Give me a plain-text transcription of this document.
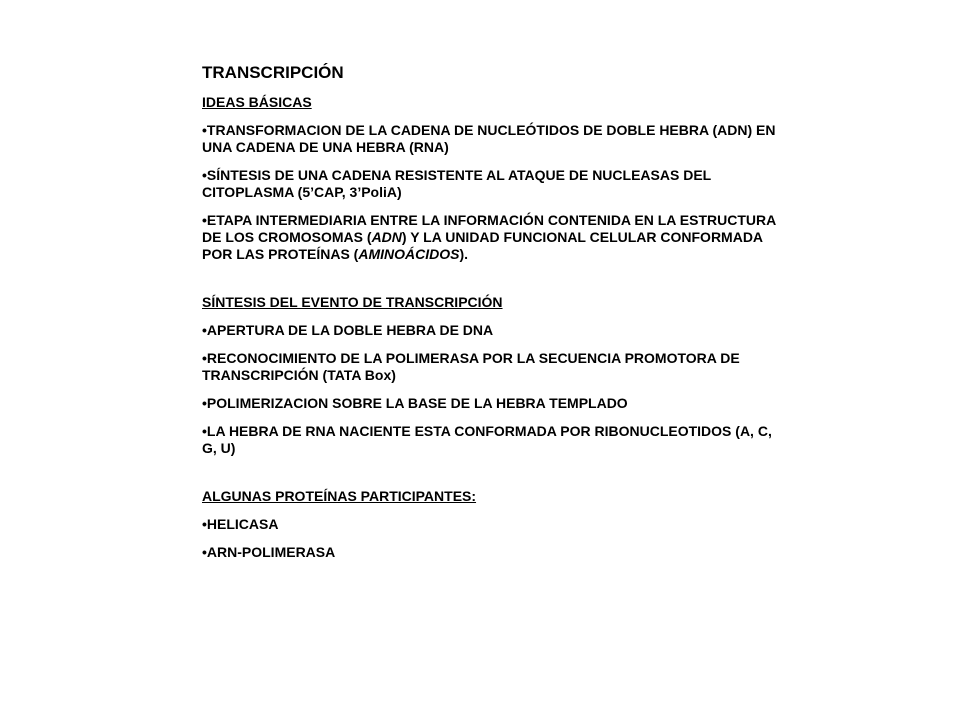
TRANSCRIPCIÓN
IDEAS BÁSICAS
•TRANSFORMACION DE LA CADENA DE NUCLEÓTIDOS DE DOBLE HEBRA (ADN) EN UNA CADENA DE UNA HEBRA (RNA)
•SÍNTESIS DE UNA CADENA RESISTENTE AL ATAQUE DE NUCLEASAS DEL CITOPLASMA (5’CAP, 3’PoliA)
•ETAPA INTERMEDIARIA ENTRE LA INFORMACIÓN CONTENIDA EN LA ESTRUCTURA DE LOS CROMOSOMAS (ADN) Y LA UNIDAD FUNCIONAL CELULAR CONFORMADA POR LAS PROTEÍNAS (AMINOÁCIDOS).
SÍNTESIS DEL EVENTO DE TRANSCRIPCIÓN
•APERTURA DE LA DOBLE HEBRA DE DNA
•RECONOCIMIENTO DE LA POLIMERASA POR LA SECUENCIA PROMOTORA DE TRANSCRIPCIÓN (TATA Box)
•POLIMERIZACION SOBRE LA BASE DE LA HEBRA TEMPLADO
•LA HEBRA DE RNA NACIENTE ESTA CONFORMADA POR RIBONUCLEOTIDOS (A, C, G, U)
ALGUNAS PROTEÍNAS PARTICIPANTES:
•HELICASA
•ARN-POLIMERASA
